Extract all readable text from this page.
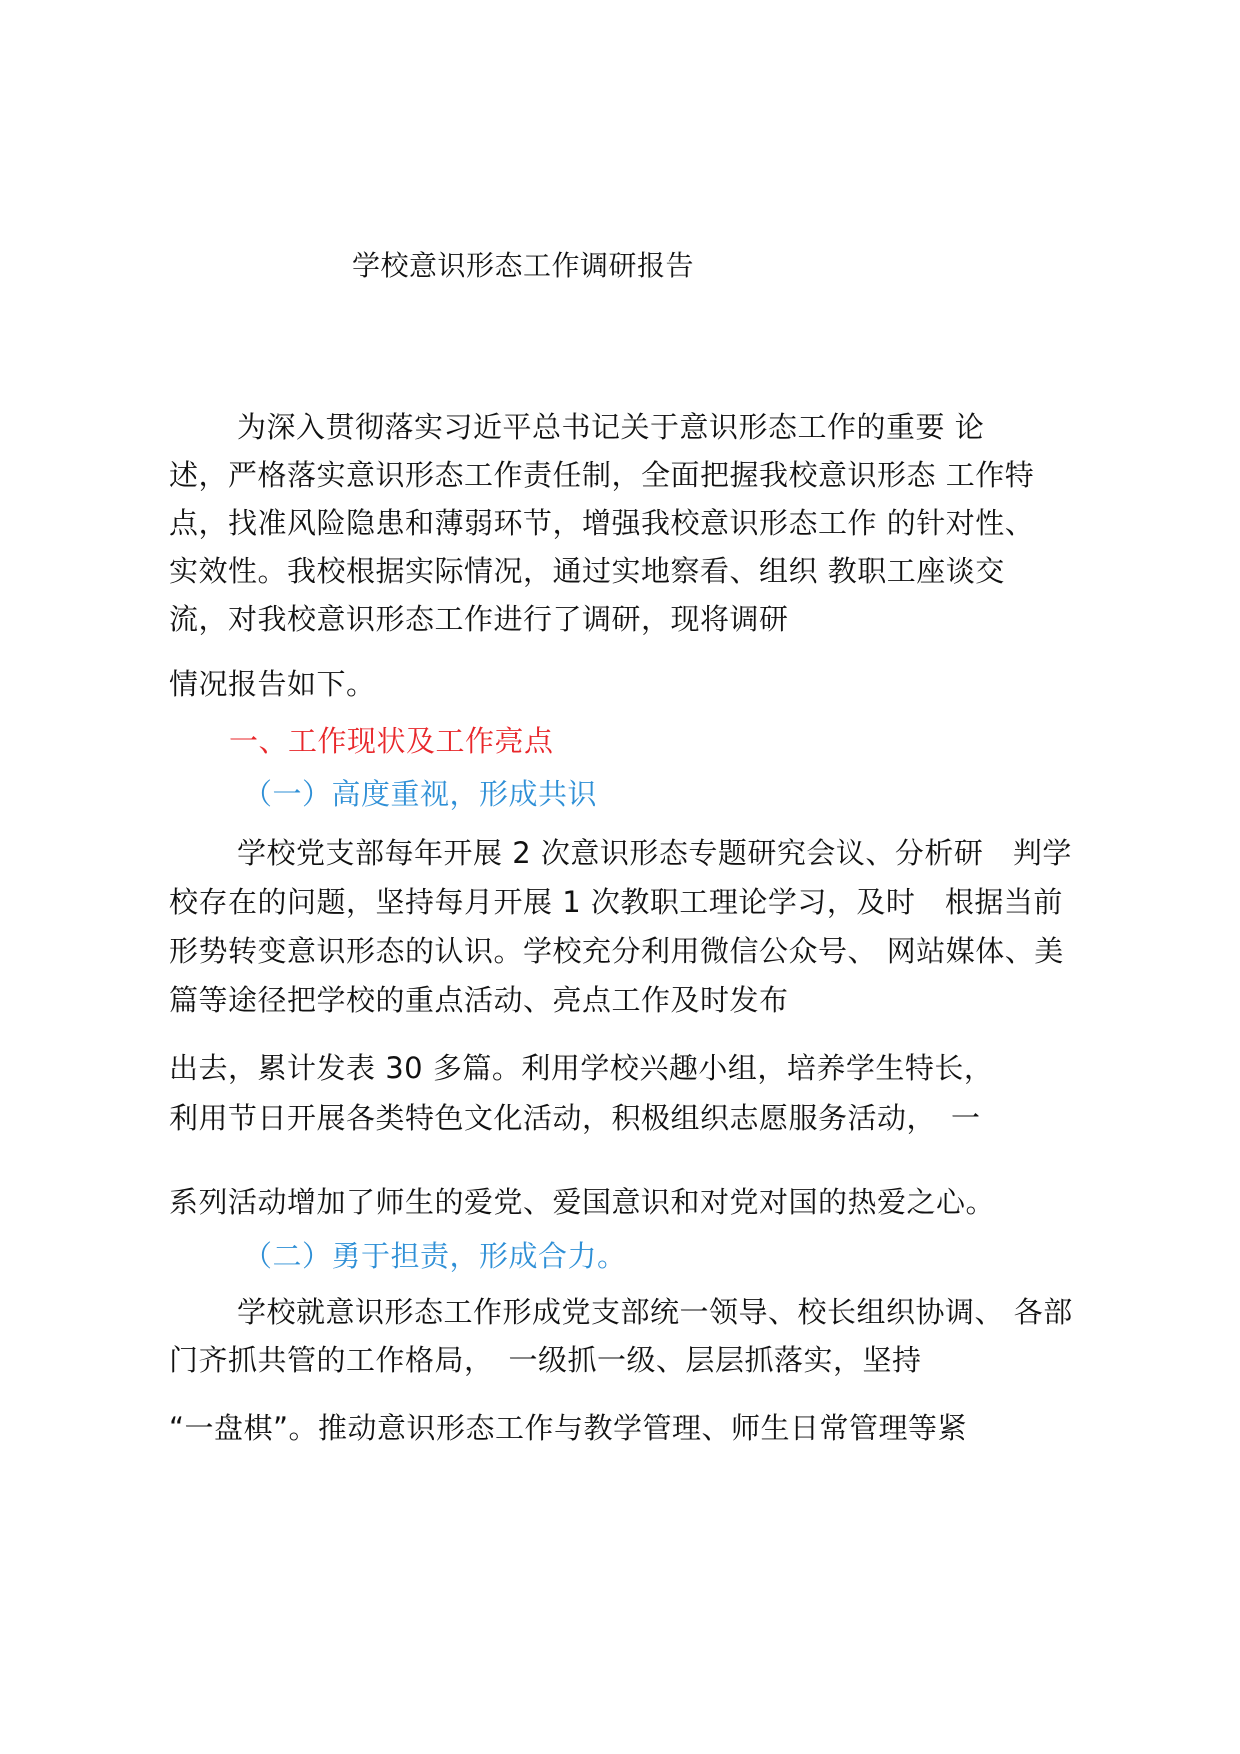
学校意识形态工作调研报告
为深入贯彻落实习近平总书记关于意识形态工作的重要 论
述，严格落实意识形态工作责任制，全面把握我校意识形态 工作特
点，找准风险隐患和薄弱环节，增强我校意识形态工作 的针对性、
实效性。我校根据实际情况，通过实地察看、组织 教职工座谈交
流，对我校意识形态工作进行了调研，现将调研
情况报告如下。
一、工作现状及工作亮点
（一）高度重视，形成共识
学校党支部每年开展 2 次意识形态专题研究会议、分析研　判学
校存在的问题，坚持每月开展 1 次教职工理论学习，及时　根据当前
形势转变意识形态的认识。学校充分利用微信公众号、 网站媒体、美
篇等途径把学校的重点活动、亮点工作及时发布
出去，累计发表 30 多篇。利用学校兴趣小组，培养学生特长，
利用节日开展各类特色文化活动，积极组织志愿服务活动，　一
系列活动增加了师生的爱党、爱国意识和对党对国的热爱之心。
（二）勇于担责，形成合力。
学校就意识形态工作形成党支部统一领导、校长组织协调、 各部
门齐抓共管的工作格局，　一级抓一级、层层抓落实，坚持
“一盘棋”。推动意识形态工作与教学管理、师生日常管理等紧
